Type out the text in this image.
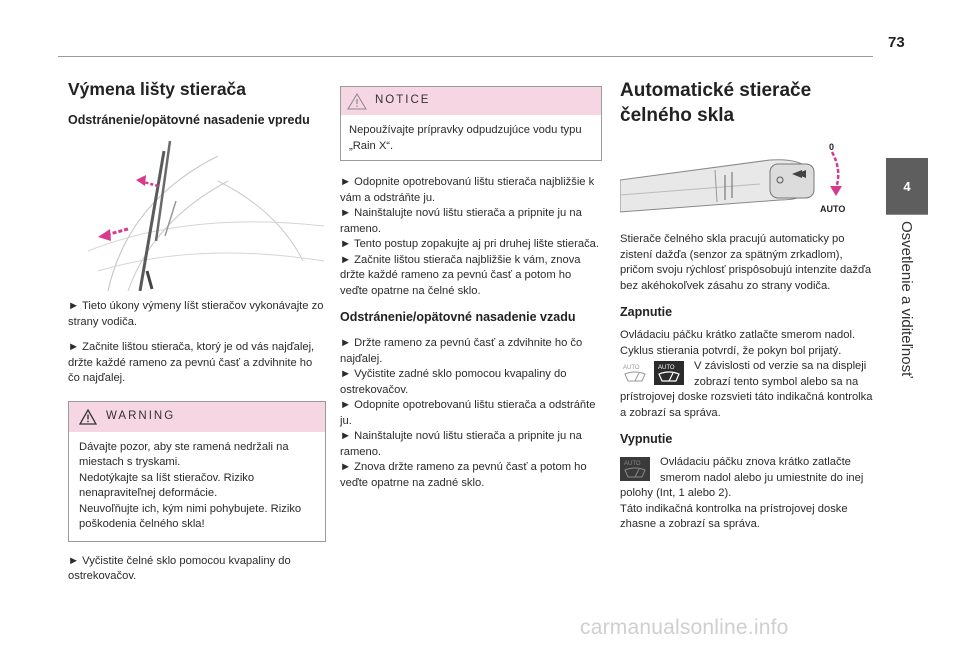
73
4
Osvetlenie a viditeľnosť
Výmena lišty stierača
Odstránenie/opätovné nasadenie vpredu

► Tieto úkony výmeny líšt stieračov vykonávajte zo strany vodiča.

► Začnite lištou stierača, ktorý je od vás najďalej, držte každé rameno za pevnú časť a zdvihnite ho čo najďalej.

WARNING

Dávajte pozor, aby ste ramená nedržali na miestach s tryskami.

Nedotýkajte sa líšt stieračov. Riziko nenapraviteľnej deformácie.

Neuvoľňujte ich, kým nimi pohybujete. Riziko poškodenia čelného skla!

► Vyčistite čelné sklo pomocou kvapaliny do ostrekovačov.

NOTICE

Nepoužívajte prípravky odpudzujúce vodu typu „Rain X“.

► Odopnite opotrebovanú lištu stierača najbližšie k vám a odstráňte ju.

► Nainštalujte novú lištu stierača a pripnite ju na rameno.

► Tento postup zopakujte aj pri druhej lište stierača.

► Začnite lištou stierača najbližšie k vám, znova držte každé rameno za pevnú časť a potom ho veďte opatrne na čelné sklo.

Odstránenie/opätovné nasadenie vzadu

► Držte rameno za pevnú časť a zdvihnite ho čo najďalej.

► Vyčistite zadné sklo pomocou kvapaliny do ostrekovačov.

► Odopnite opotrebovanú lištu stierača a odstráňte ju.

► Nainštalujte novú lištu stierača a pripnite ju na rameno.

► Znova držte rameno za pevnú časť a potom ho veďte opatrne na zadné sklo.

Automatické stierače čelného skla
0
AUTO

Stierače čelného skla pracujú automaticky po zistení dažďa (senzor za spätným zrkadlom), pričom svoju rýchlosť prispôsobujú intenzite dažďa bez akéhokoľvek zásahu zo strany vodiča.

Zapnutie

Ovládaciu páčku krátko zatlačte smerom nadol. Cyklus stierania potvrdí, že pokyn bol prijatý.

AUTO	AUTO	V závislosti od verzie sa na displeji zobrazí tento symbol alebo sa na prístrojovej doske rozsvieti táto indikačná kontrolka a zobrazí sa správa.

Vypnutie
AUTO	Ovládaciu páčku znova krátko zatlačte smerom nadol alebo ju umiestnite do inej polohy (Int, 1 alebo 2).

Táto indikačná kontrolka na prístrojovej doske zhasne a zobrazí sa správa.

carmanualsonline.info
